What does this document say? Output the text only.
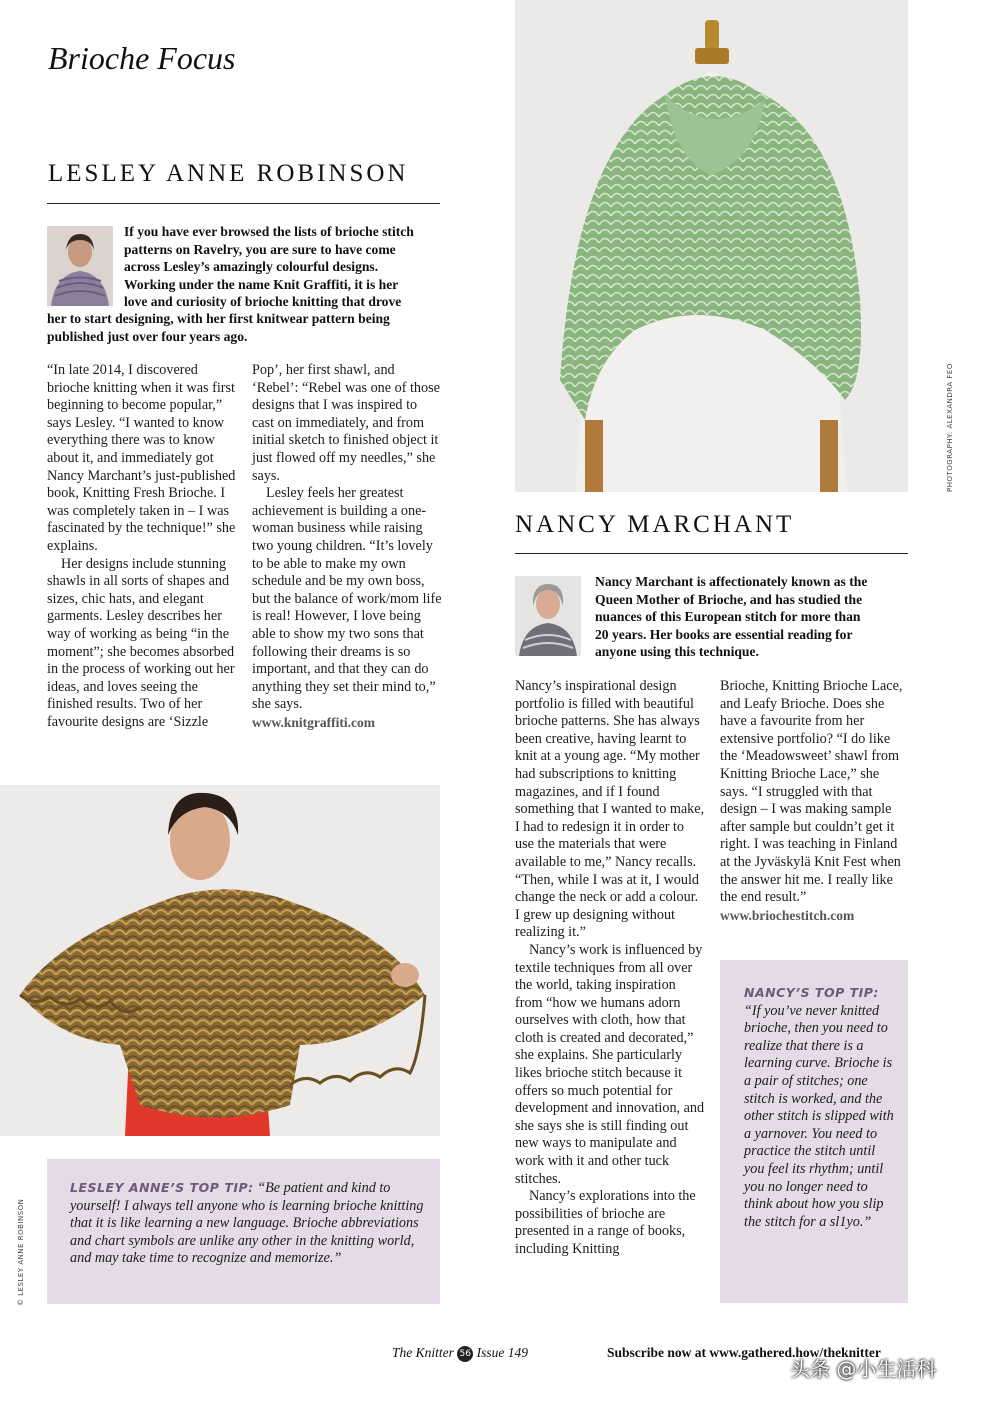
Brioche Focus
LESLEY ANNE ROBINSON
If you have ever browsed the lists of brioche stitch
patterns on Ravelry, you are sure to have come
across Lesley’s amazingly colourful designs.
Working under the name Knit Graffiti, it is her
love and curiosity of brioche knitting that drove
her to start designing, with her first knitwear pattern being
published just over four years ago.

“In late 2014, I discovered brioche knitting when it was first beginning to become popular,” says Lesley. “I wanted to know everything there was to know about it, and immediately got Nancy Marchant’s just-published book, Knitting Fresh Brioche. I was completely taken in – I was fascinated by the technique!” she explains.

Her designs include stunning shawls in all sorts of shapes and sizes, chic hats, and elegant garments. Lesley describes her way of working as being “in the moment”; she becomes absorbed in the process of working out her ideas, and loves seeing the finished results. Two of her favourite designs are ‘Sizzle

Pop’, her first shawl, and ‘Rebel’: “Rebel was one of those designs that I was inspired to cast on immediately, and from initial sketch to finished object it just flowed off my needles,” she says.

Lesley feels her greatest achievement is building a one-woman business while raising two young children. “It’s lovely to be able to make my own schedule and be my own boss, but the balance of work/mom life is real! However, I love being able to show my two sons that following their dreams is so important, and that they can do anything they set their mind to,” she says.

www.knitgraffiti.com
LESLEY ANNE’S TOP TIP: “Be patient and kind to yourself! I always tell anyone who is learning brioche knitting that it is like learning a new language. Brioche abbreviations and chart symbols are unlike any other in the knitting world, and may take time to recognize and memorize.”
© LESLEY ANNE ROBINSON
PHOTOGRAPHY: ALEXANDRA FEO
NANCY MARCHANT
Nancy Marchant is affectionately known as the
Queen Mother of Brioche, and has studied the
nuances of this European stitch for more than
20 years. Her books are essential reading for
anyone using this technique.

Nancy’s inspirational design portfolio is filled with beautiful brioche patterns. She has always been creative, having learnt to knit at a young age. “My mother had subscriptions to knitting magazines, and if I found something that I wanted to make, I had to redesign it in order to use the materials that were available to me,” Nancy recalls. “Then, while I was at it, I would change the neck or add a colour. I grew up designing without realizing it.”

Nancy’s work is influenced by textile techniques from all over the world, taking inspiration from “how we humans adorn ourselves with cloth, how that cloth is created and decorated,” she explains. She particularly likes brioche stitch because it offers so much potential for development and innovation, and she says she is still finding out new ways to manipulate and work with it and other tuck stitches.

Nancy’s explorations into the possibilities of brioche are presented in a range of books, including Knitting

Brioche, Knitting Brioche Lace, and Leafy Brioche. Does she have a favourite from her extensive portfolio? “I do like the ‘Meadowsweet’ shawl from Knitting Brioche Lace,” she says. “I struggled with that design – I was making sample after sample but couldn’t get it right. I was teaching in Finland at the Jyväskylä Knit Fest when the answer hit me. I really like the end result.”

www.briochestitch.com
NANCY’S TOP TIP: “If you’ve never knitted brioche, then you need to realize that there is a learning curve. Brioche is a pair of stitches; one stitch is worked, and the other stitch is slipped with a yarnover. You need to practice the stitch until you feel its rhythm; until you no longer need to think about how you slip the stitch for a sl1yo.”
The Knitter 56 Issue 149	Subscribe now at www.gathered.how/theknitter
头条 @小生活科
